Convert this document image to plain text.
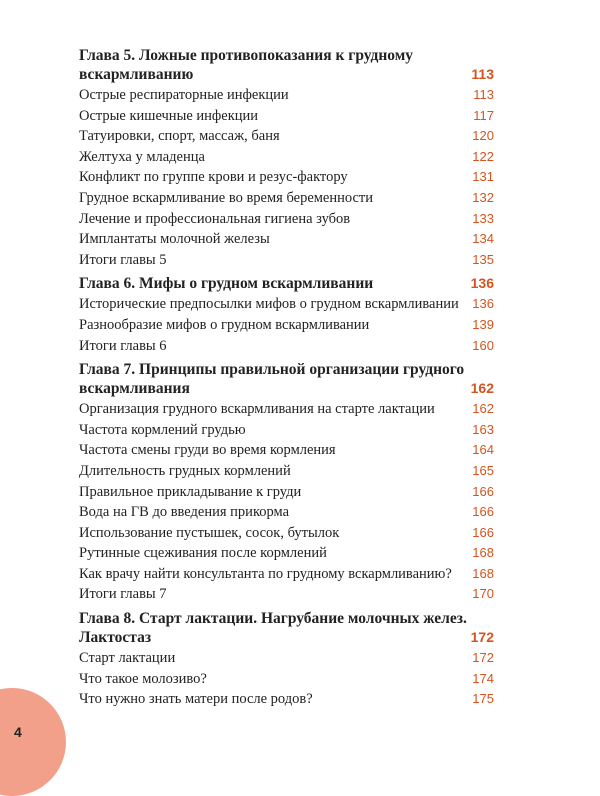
4
Глава 5. Ложные противопоказания к грудному
вскармливанию	113
Острые респираторные инфекции	113
Острые кишечные инфекции	117
Татуировки, спорт, массаж, баня	120
Желтуха у младенца	122
Конфликт по группе крови и резус-фактору	131
Грудное вскармливание во время беременности	132
Лечение и профессиональная гигиена зубов	133
Имплантаты молочной железы	134
Итоги главы 5	135
Глава 6. Мифы о грудном вскармливании	136
Исторические предпосылки мифов о грудном вскармливании 136
Разнообразие мифов о грудном вскармливании	139
Итоги главы 6	160
Глава 7. Принципы правильной организации грудного
вскармливания	162
Организация грудного вскармливания на старте лактации	162
Частота кормлений грудью	163
Частота смены груди во время кормления	164
Длительность грудных кормлений	165
Правильное прикладывание к груди	166
Вода на ГВ до введения прикорма	166
Использование пустышек, сосок, бутылок	166
Рутинные сцеживания после кормлений	168
Как врачу найти консультанта по грудному вскармливанию? 168
Итоги главы 7	170
Глава 8. Старт лактации. Нагрубание молочных желез.
Лактостаз	172
Старт лактации	172
Что такое молозиво?	174
Что нужно знать матери после родов?	175
